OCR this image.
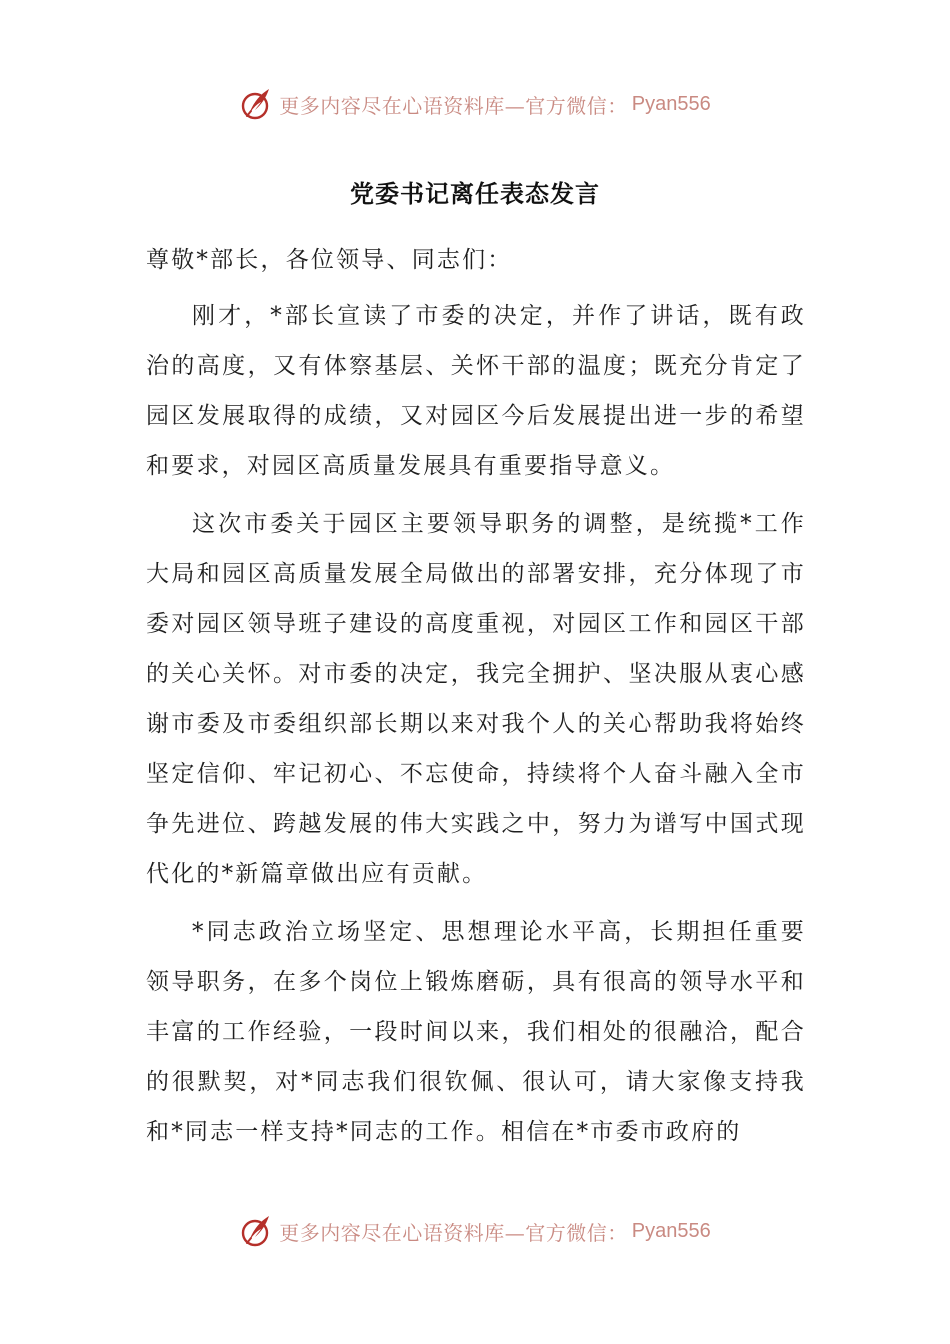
更多内容尽在心语资料库—官方微信： Pyan556
党委书记离任表态发言

尊敬*部长，各位领导、同志们：

刚才，*部长宣读了市委的决定，并作了讲话，既有政治的高度，又有体察基层、关怀干部的温度；既充分肯定了园区发展取得的成绩，又对园区今后发展提出进一步的希望和要求，对园区高质量发展具有重要指导意义。

这次市委关于园区主要领导职务的调整，是统揽*工作大局和园区高质量发展全局做出的部署安排，充分体现了市委对园区领导班子建设的高度重视，对园区工作和园区干部的关心关怀。对市委的决定，我完全拥护、坚决服从衷心感谢市委及市委组织部长期以来对我个人的关心帮助我将始终坚定信仰、牢记初心、不忘使命，持续将个人奋斗融入全市争先进位、跨越发展的伟大实践之中，努力为谱写中国式现代化的*新篇章做出应有贡献。

*同志政治立场坚定、思想理论水平高，长期担任重要领导职务，在多个岗位上锻炼磨砺，具有很高的领导水平和丰富的工作经验，一段时间以来，我们相处的很融洽，配合的很默契，对*同志我们很钦佩、很认可，请大家像支持我和*同志一样支持*同志的工作。相信在*市委市政府的

更多内容尽在心语资料库—官方微信： Pyan556
